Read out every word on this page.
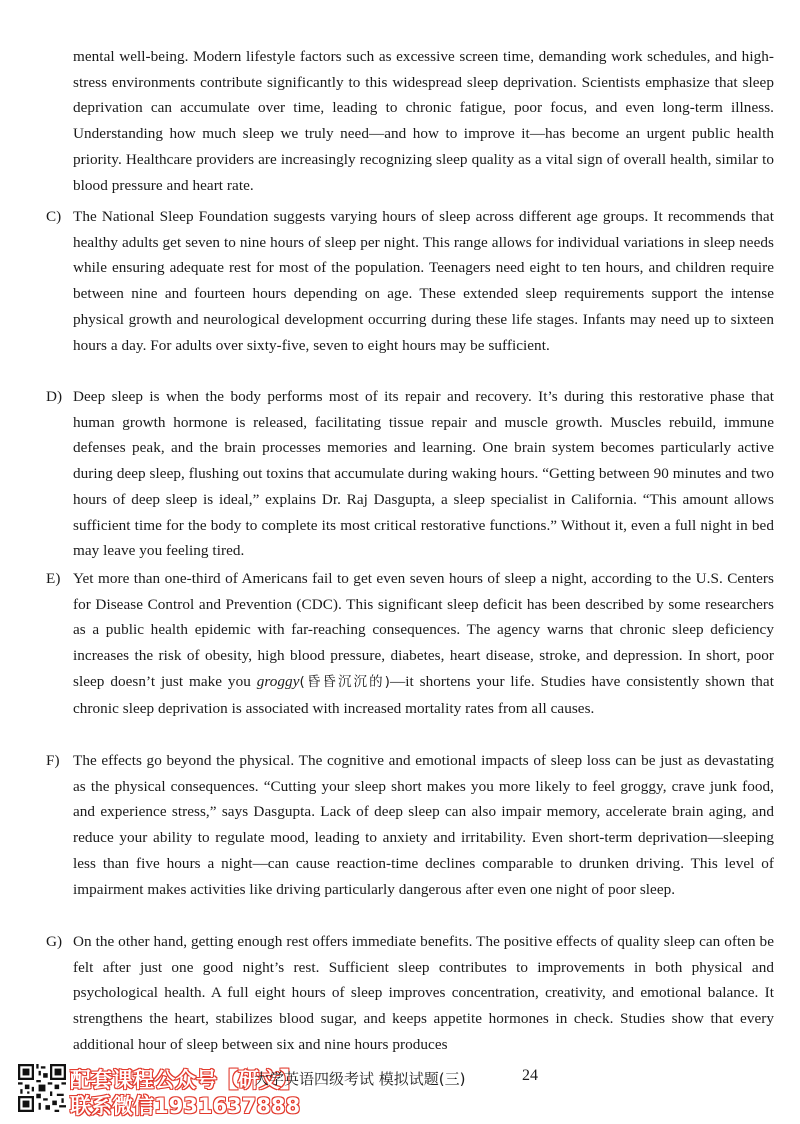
mental well-being. Modern lifestyle factors such as excessive screen time, demanding work schedules, and high-stress environments contribute significantly to this widespread sleep deprivation. Scientists emphasize that sleep deprivation can accumulate over time, leading to chronic fatigue, poor focus, and even long-term illness. Understanding how much sleep we truly need—and how to improve it—has become an urgent public health priority. Healthcare providers are increasingly recognizing sleep quality as a vital sign of overall health, similar to blood pressure and heart rate.
C) The National Sleep Foundation suggests varying hours of sleep across different age groups. It recommends that healthy adults get seven to nine hours of sleep per night. This range allows for individual variations in sleep needs while ensuring adequate rest for most of the population. Teenagers need eight to ten hours, and children require between nine and fourteen hours depending on age. These extended sleep requirements support the intense physical growth and neurological development occurring during these life stages. Infants may need up to sixteen hours a day. For adults over sixty-five, seven to eight hours may be sufficient.
D) Deep sleep is when the body performs most of its repair and recovery. It’s during this restorative phase that human growth hormone is released, facilitating tissue repair and muscle growth. Muscles rebuild, immune defenses peak, and the brain processes memories and learning. One brain system becomes particularly active during deep sleep, flushing out toxins that accumulate during waking hours. “Getting between 90 minutes and two hours of deep sleep is ideal,” explains Dr. Raj Dasgupta, a sleep specialist in California. “This amount allows sufficient time for the body to complete its most critical restorative functions.” Without it, even a full night in bed may leave you feeling tired.
E) Yet more than one-third of Americans fail to get even seven hours of sleep a night, according to the U.S. Centers for Disease Control and Prevention (CDC). This significant sleep deficit has been described by some researchers as a public health epidemic with far-reaching consequences. The agency warns that chronic sleep deficiency increases the risk of obesity, high blood pressure, diabetes, heart disease, stroke, and depression. In short, poor sleep doesn’t just make you groggy(昏昏沉沉的)—it shortens your life. Studies have consistently shown that chronic sleep deprivation is associated with increased mortality rates from all causes.
F) The effects go beyond the physical. The cognitive and emotional impacts of sleep loss can be just as devastating as the physical consequences. “Cutting your sleep short makes you more likely to feel groggy, crave junk food, and experience stress,” says Dasgupta. Lack of deep sleep can also impair memory, accelerate brain aging, and reduce your ability to regulate mood, leading to anxiety and irritability. Even short-term deprivation—sleeping less than five hours a night—can cause reaction-time declines comparable to drunken driving. This level of impairment makes activities like driving particularly dangerous after even one night of poor sleep.
G) On the other hand, getting enough rest offers immediate benefits. The positive effects of quality sleep can often be felt after just one good night’s rest. Sufficient sleep contributes to improvements in both physical and psychological health. A full eight hours of sleep improves concentration, creativity, and emotional balance. It strengthens the heart, stabilizes blood sugar, and keeps appetite hormones in check. Studies show that every additional hour of sleep between six and nine hours produces
配套课程公众号【研文】
联系微信1931637888
大学英语四级考试 模拟试题(三)	24
